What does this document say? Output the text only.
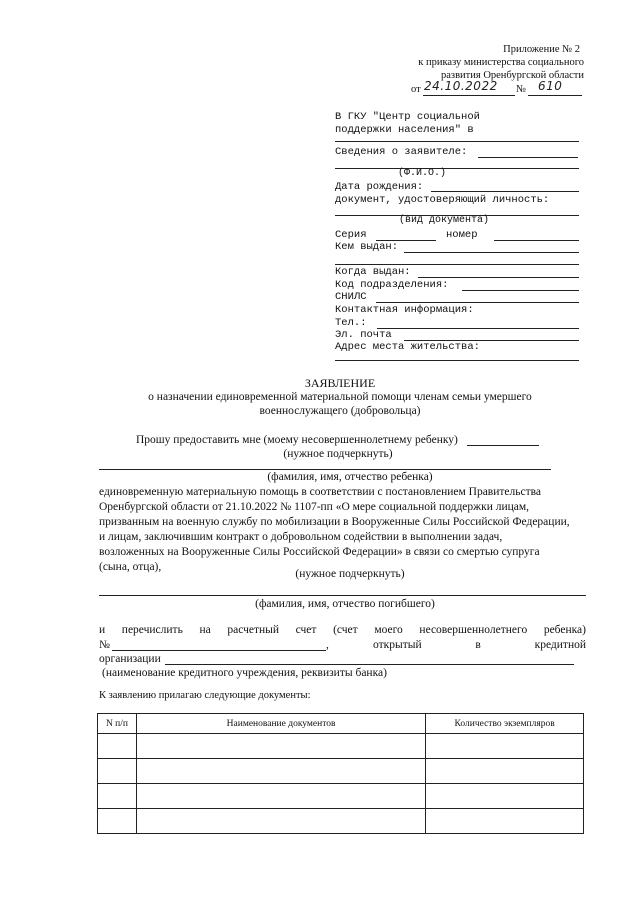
Приложение № 2
к приказу министерства социального
развития Оренбургской области
от 24.10.2022 № 610
В ГКУ "Центр социальной
поддержки населения" в
Сведения о заявителе:
(Ф.И.О.)
Дата рождения:
документ, удостоверяющий личность:
(вид документа)
Серия	номер
Кем выдан:
Когда выдан:
Код подразделения:
СНИЛС
Контактная информация:
Тел.:
Эл. почта
Адрес места жительства:
ЗАЯВЛЕНИЕ
о назначении единовременной материальной помощи членам семьи умершего
военнослужащего (добровольца)
Прошу предоставить мне (моему несовершеннолетнему ребенку)
(нужное подчеркнуть)
(фамилия, имя, отчество ребенка)
единовременную материальную помощь в соответствии с постановлением Правительства
Оренбургской области от 21.10.2022 № 1107-пп «О мере социальной поддержки лицам,
призванным на военную службу по мобилизации в Вооруженные Силы Российской Федерации,
и лицам, заключившим контракт о добровольном содействии в выполнении задач,
возложенных на Вооруженные Силы Российской Федерации» в связи со смертью супруга
(сына, отца),
(нужное подчеркнуть)
(фамилия, имя, отчество погибшего)
и перечислить на расчетный счет (счет моего несовершеннолетнего ребенка)
№	,	открытый в кредитной
организации
(наименование кредитного учреждения, реквизиты банка)
К заявлению прилагаю следующие документы:
N п/п	Наименование документов	Количество экземпляров
